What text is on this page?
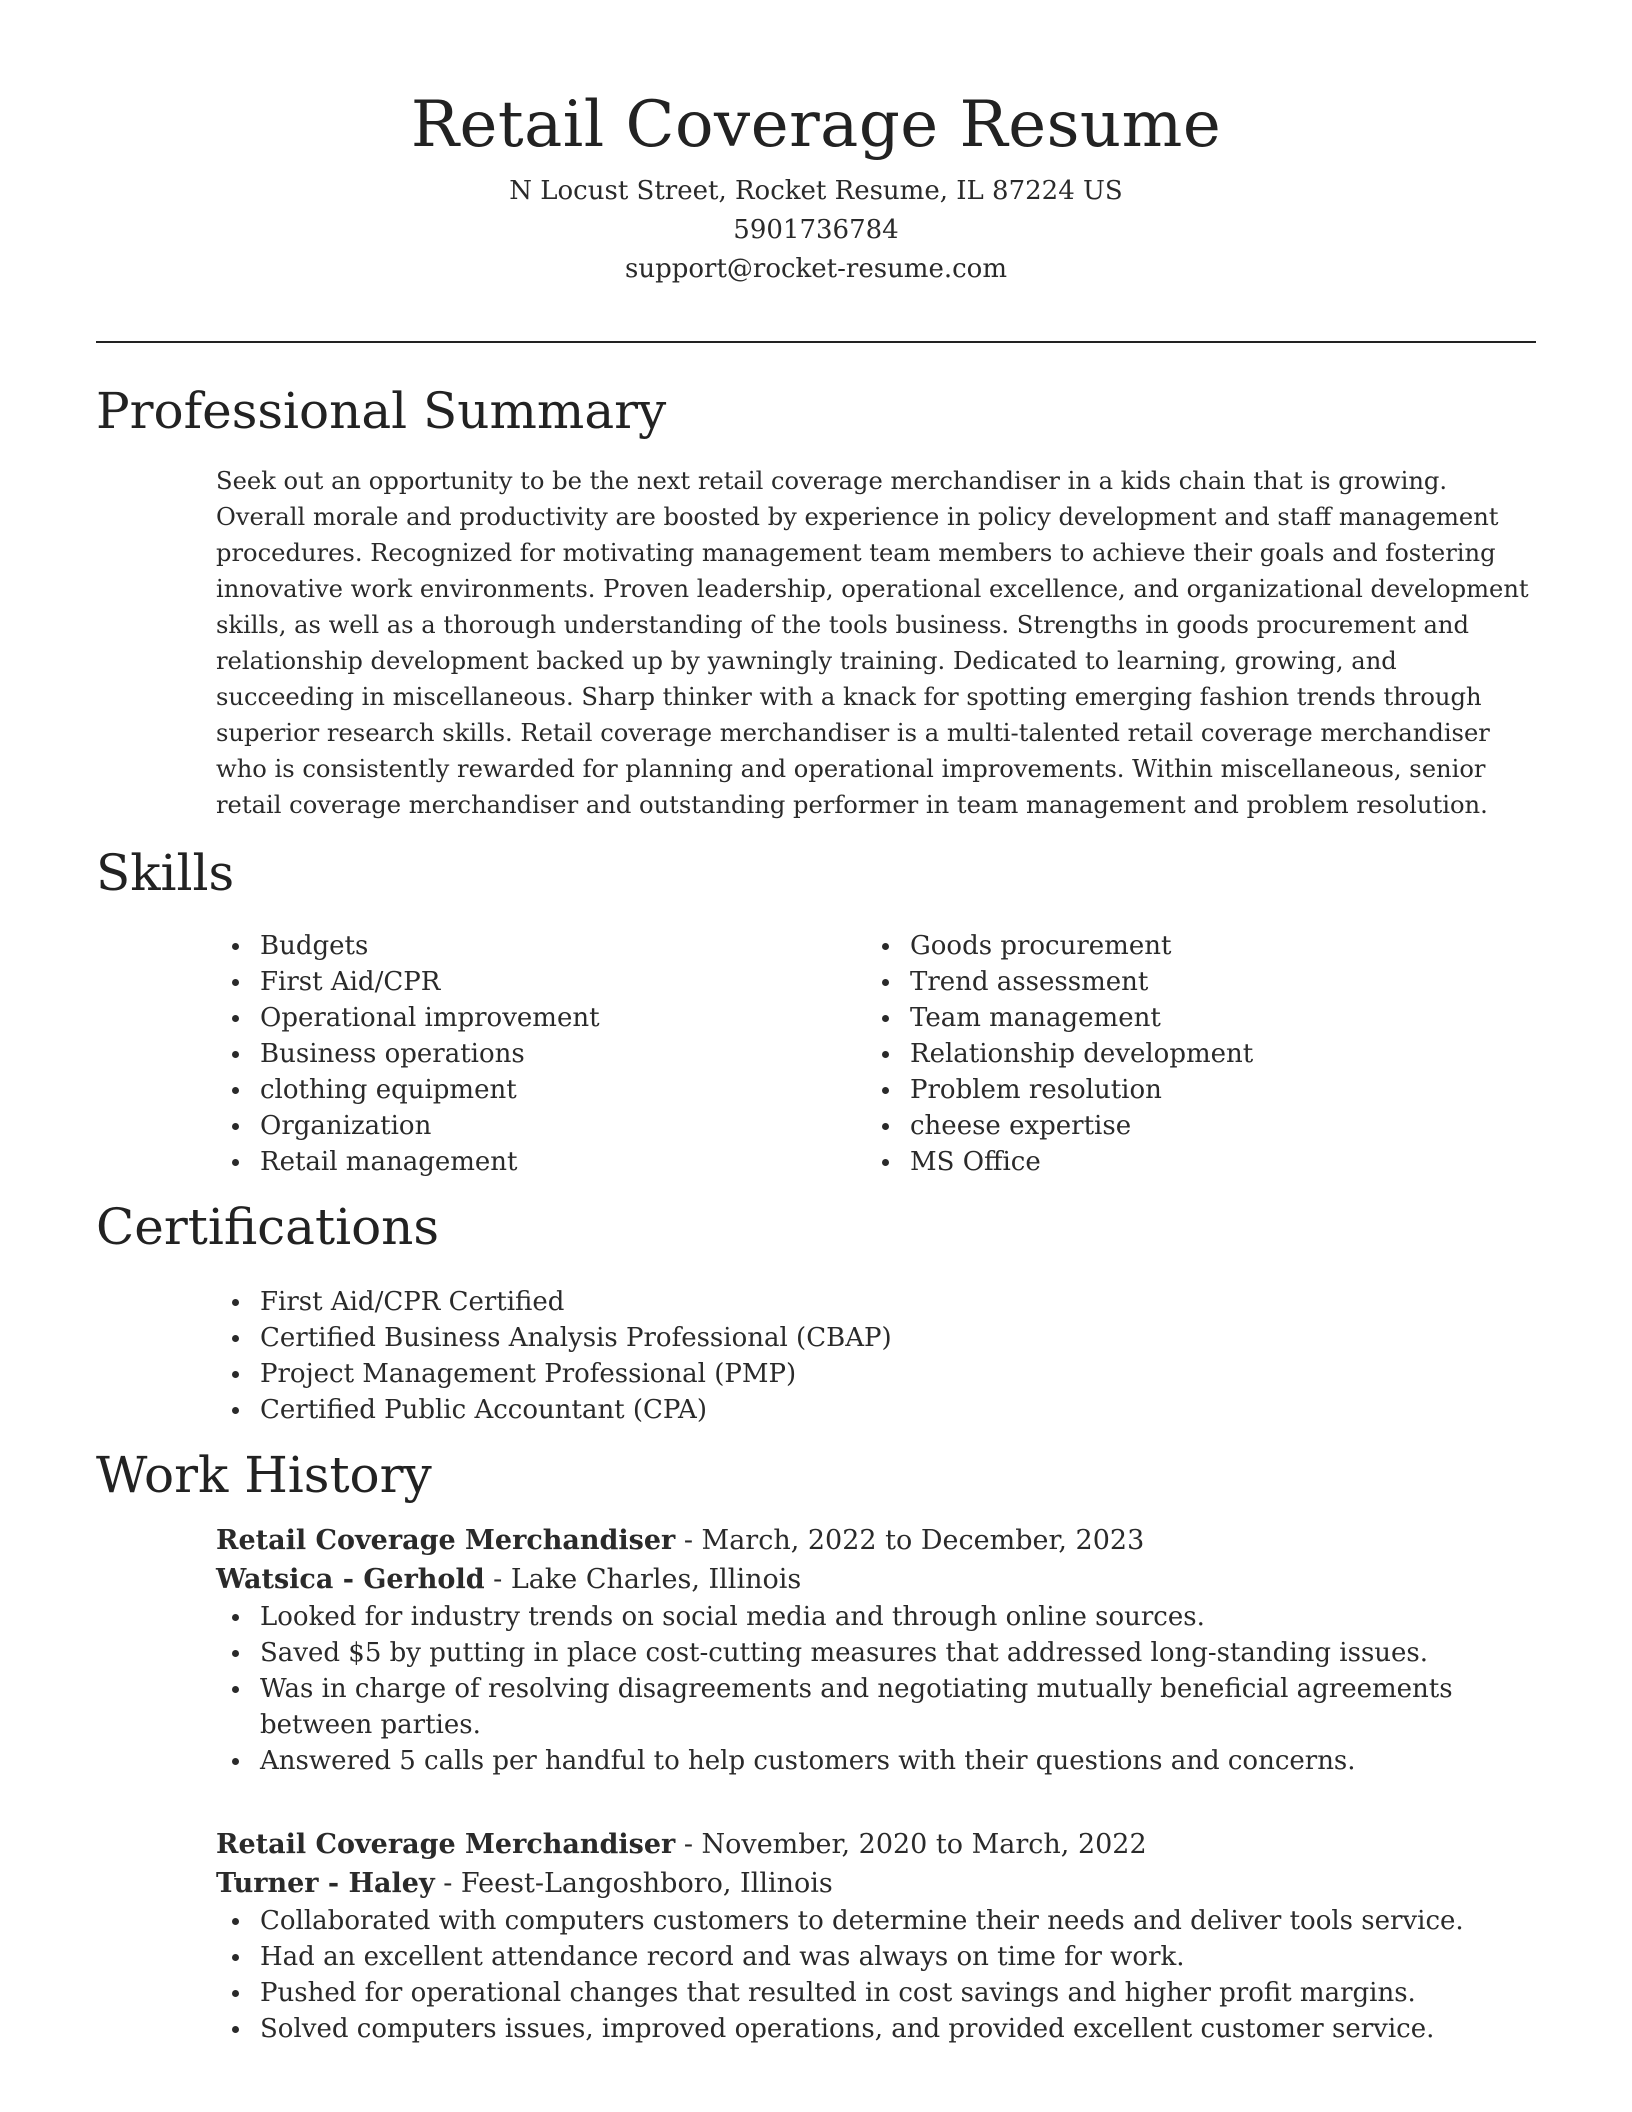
Retail Coverage Resume
N Locust Street, Rocket Resume, IL 87224 US
5901736784
support@rocket-resume.com
Professional Summary
Seek out an opportunity to be the next retail coverage merchandiser in a kids chain that is growing. Overall morale and productivity are boosted by experience in policy development and staff management procedures. Recognized for motivating management team members to achieve their goals and fostering innovative work environments. Proven leadership, operational excellence, and organizational development skills, as well as a thorough understanding of the tools business. Strengths in goods procurement and relationship development backed up by yawningly training. Dedicated to learning, growing, and succeeding in miscellaneous. Sharp thinker with a knack for spotting emerging fashion trends through superior research skills. Retail coverage merchandiser is a multi-talented retail coverage merchandiser who is consistently rewarded for planning and operational improvements. Within miscellaneous, senior retail coverage merchandiser and outstanding performer in team management and problem resolution.
Skills
Budgets
First Aid/CPR
Operational improvement
Business operations
clothing equipment
Organization
Retail management
Goods procurement
Trend assessment
Team management
Relationship development
Problem resolution
cheese expertise
MS Office
Certifications
First Aid/CPR Certified
Certified Business Analysis Professional (CBAP)
Project Management Professional (PMP)
Certified Public Accountant (CPA)
Work History
Retail Coverage Merchandiser - March, 2022 to December, 2023
Watsica - Gerhold - Lake Charles, Illinois
Looked for industry trends on social media and through online sources.
Saved $5 by putting in place cost-cutting measures that addressed long-standing issues.
Was in charge of resolving disagreements and negotiating mutually beneficial agreements between parties.
Answered 5 calls per handful to help customers with their questions and concerns.
Retail Coverage Merchandiser - November, 2020 to March, 2022
Turner - Haley - Feest-Langoshboro, Illinois
Collaborated with computers customers to determine their needs and deliver tools service.
Had an excellent attendance record and was always on time for work.
Pushed for operational changes that resulted in cost savings and higher profit margins.
Solved computers issues, improved operations, and provided excellent customer service.
